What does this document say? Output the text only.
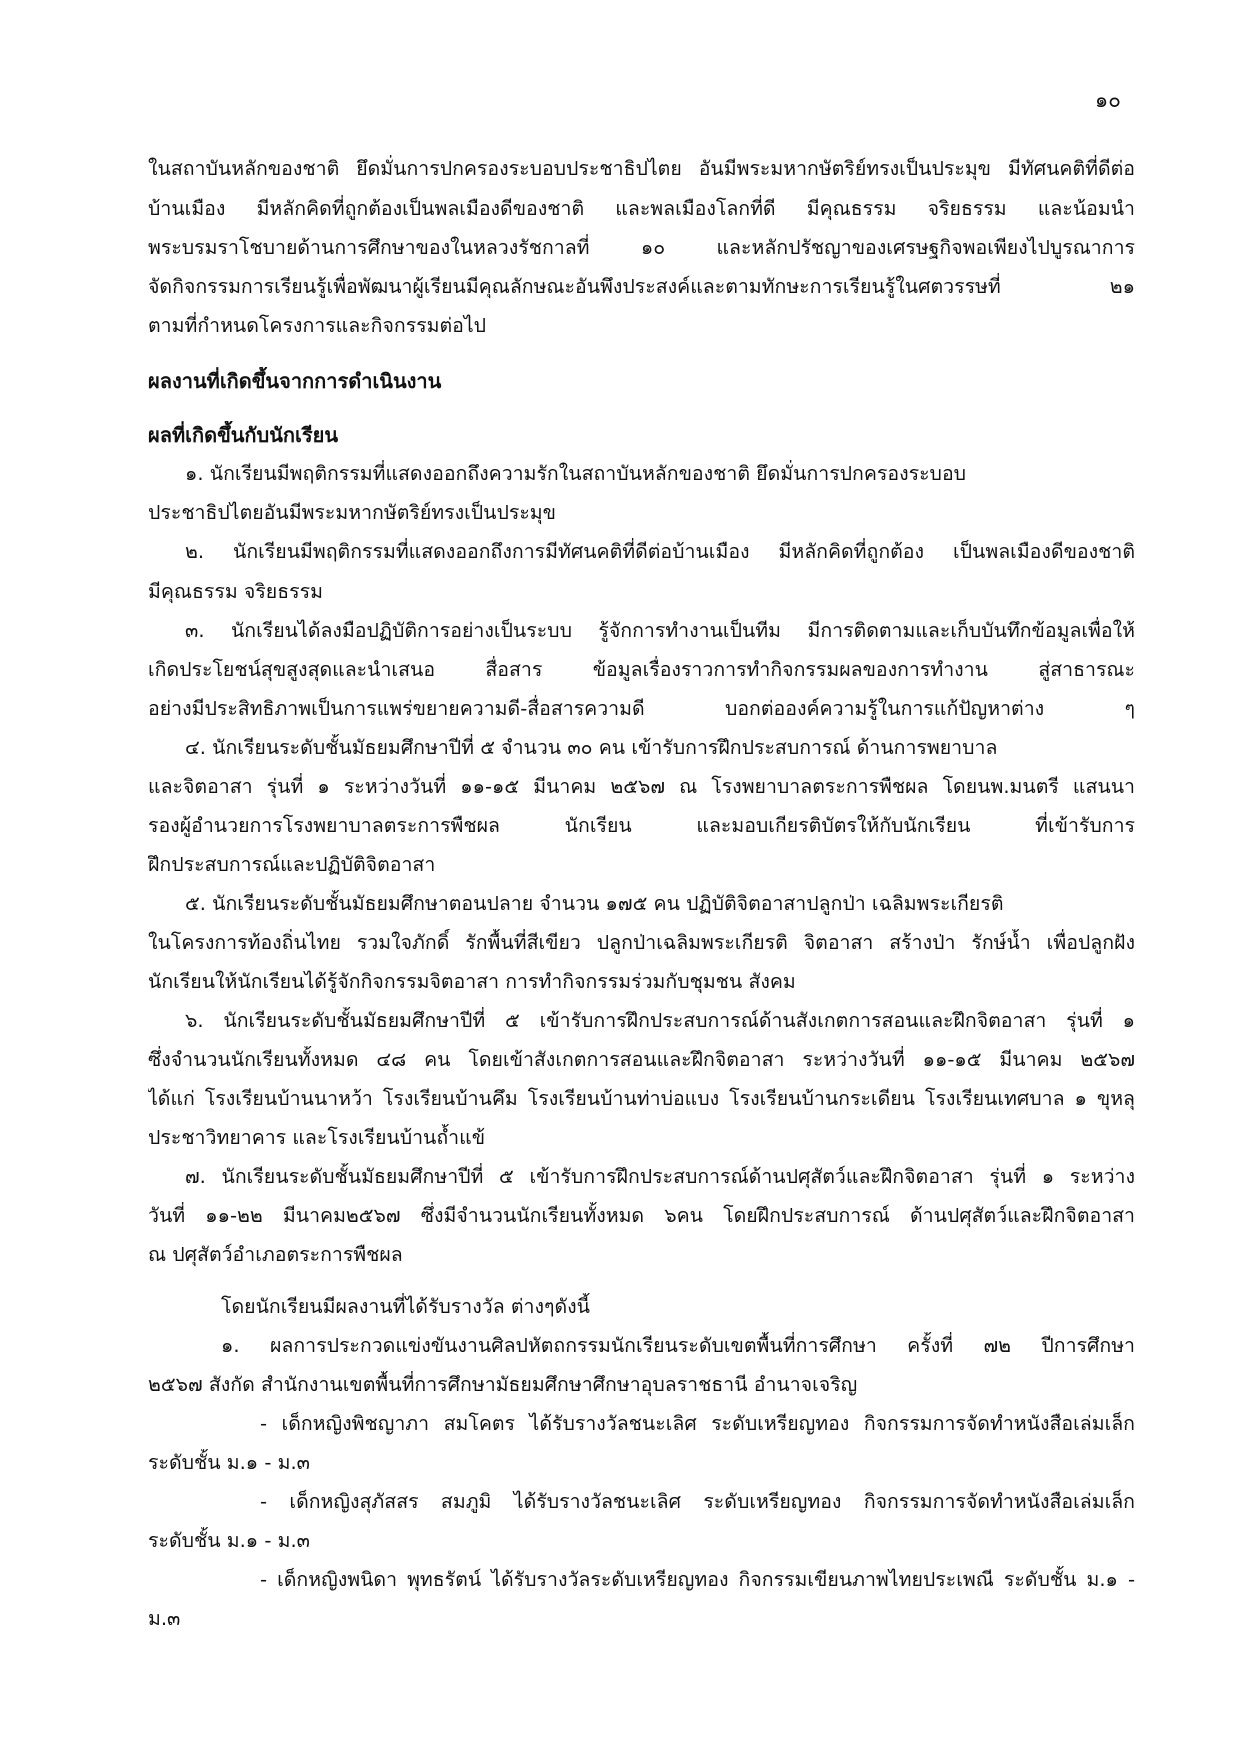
๑๐
ในสถาบันหลักของชาติ ยึดมั่นการปกครองระบอบประชาธิปไตย อันมีพระมหากษัตริย์ทรงเป็นประมุข มีทัศนคติที่ดีต่อ
บ้านเมือง มีหลักคิดที่ถูกต้องเป็นพลเมืองดีของชาติ และพลเมืองโลกที่ดี มีคุณธรรม จริยธรรม และน้อมนำ
พระบรมราโชบายด้านการศึกษาของในหลวงรัชกาลที่ ๑๐ และหลักปรัชญาของเศรษฐกิจพอเพียงไปบูรณาการ
จัดกิจกรรมการเรียนรู้เพื่อพัฒนาผู้เรียนมีคุณลักษณะอันพึงประสงค์และตามทักษะการเรียนรู้ในศตวรรษที่ ๒๑
ตามที่กำหนดโครงการและกิจกรรมต่อไป
ผลงานที่เกิดขึ้นจากการดำเนินงาน
ผลที่เกิดขึ้นกับนักเรียน
๑. นักเรียนมีพฤติกรรมที่แสดงออกถึงความรักในสถาบันหลักของชาติ ยึดมั่นการปกครองระบอบ
ประชาธิปไตยอันมีพระมหากษัตริย์ทรงเป็นประมุข
๒. นักเรียนมีพฤติกรรมที่แสดงออกถึงการมีทัศนคติที่ดีต่อบ้านเมือง มีหลักคิดที่ถูกต้อง เป็นพลเมืองดีของชาติ
มีคุณธรรม จริยธรรม
๓. นักเรียนได้ลงมือปฏิบัติการอย่างเป็นระบบ รู้จักการทำงานเป็นทีม มีการติดตามและเก็บบันทึกข้อมูลเพื่อให้
เกิดประโยชน์สุขสูงสุดและนำเสนอ สื่อสาร ข้อมูลเรื่องราวการทำกิจกรรมผลของการทำงาน สู่สาธารณะ
อย่างมีประสิทธิภาพเป็นการแพร่ขยายความดี-สื่อสารความดี บอกต่อองค์ความรู้ในการแก้ปัญหาต่าง ๆ
๔. นักเรียนระดับชั้นมัธยมศึกษาปีที่ ๕ จำนวน ๓๐ คน เข้ารับการฝึกประสบการณ์ ด้านการพยาบาล
และจิตอาสา รุ่นที่ ๑ ระหว่างวันที่ ๑๑-๑๕ มีนาคม ๒๕๖๗ ณ โรงพยาบาลตระการพืชผล โดยนพ.มนตรี แสนนา
รองผู้อำนวยการโรงพยาบาลตระการพืชผล นักเรียน และมอบเกียรติบัตรให้กับนักเรียน ที่เข้ารับการ
ฝึกประสบการณ์และปฏิบัติจิตอาสา
๕. นักเรียนระดับชั้นมัธยมศึกษาตอนปลาย จำนวน ๑๗๕ คน ปฏิบัติจิตอาสาปลูกป่า เฉลิมพระเกียรติ
ในโครงการท้องถิ่นไทย รวมใจภักดิ์ รักพื้นที่สีเขียว ปลูกป่าเฉลิมพระเกียรติ จิตอาสา สร้างป่า รักษ์น้ำ เพื่อปลูกฝัง
นักเรียนให้นักเรียนได้รู้จักกิจกรรมจิตอาสา การทำกิจกรรมร่วมกับชุมชน สังคม
๖. นักเรียนระดับชั้นมัธยมศึกษาปีที่ ๕ เข้ารับการฝึกประสบการณ์ด้านสังเกตการสอนและฝึกจิตอาสา รุ่นที่ ๑
ซึ่งจำนวนนักเรียนทั้งหมด ๔๘ คน โดยเข้าสังเกตการสอนและฝึกจิตอาสา ระหว่างวันที่ ๑๑-๑๕ มีนาคม ๒๕๖๗
ได้แก่ โรงเรียนบ้านนาหว้า โรงเรียนบ้านคึม โรงเรียนบ้านท่าบ่อแบง โรงเรียนบ้านกระเดียน โรงเรียนเทศบาล ๑ ขุหลุ
ประชาวิทยาคาร และโรงเรียนบ้านถ้ำแข้
๗. นักเรียนระดับชั้นมัธยมศึกษาปีที่ ๕ เข้ารับการฝึกประสบการณ์ด้านปศุสัตว์และฝึกจิตอาสา รุ่นที่ ๑ ระหว่าง
วันที่ ๑๑-๒๒ มีนาคม๒๕๖๗ ซึ่งมีจำนวนนักเรียนทั้งหมด ๖คน โดยฝึกประสบการณ์ ด้านปศุสัตว์และฝึกจิตอาสา
ณ ปศุสัตว์อำเภอตระการพืชผล
โดยนักเรียนมีผลงานที่ได้รับรางวัล ต่างๆดังนี้
๑. ผลการประกวดแข่งขันงานศิลปหัตถกรรมนักเรียนระดับเขตพื้นที่การศึกษา ครั้งที่ ๗๒ ปีการศึกษา
๒๕๖๗ สังกัด สำนักงานเขตพื้นที่การศึกษามัธยมศึกษาศึกษาอุบลราชธานี อำนาจเจริญ
- เด็กหญิงพิชญาภา สมโคตร ได้รับรางวัลชนะเลิศ ระดับเหรียญทอง กิจกรรมการจัดทำหนังสือเล่มเล็ก
ระดับชั้น ม.๑ - ม.๓
- เด็กหญิงสุภัสสร สมภูมิ ได้รับรางวัลชนะเลิศ ระดับเหรียญทอง กิจกรรมการจัดทำหนังสือเล่มเล็ก
ระดับชั้น ม.๑ - ม.๓
- เด็กหญิงพนิดา พุทธรัตน์ ได้รับรางวัลระดับเหรียญทอง กิจกรรมเขียนภาพไทยประเพณี ระดับชั้น ม.๑ -
ม.๓
